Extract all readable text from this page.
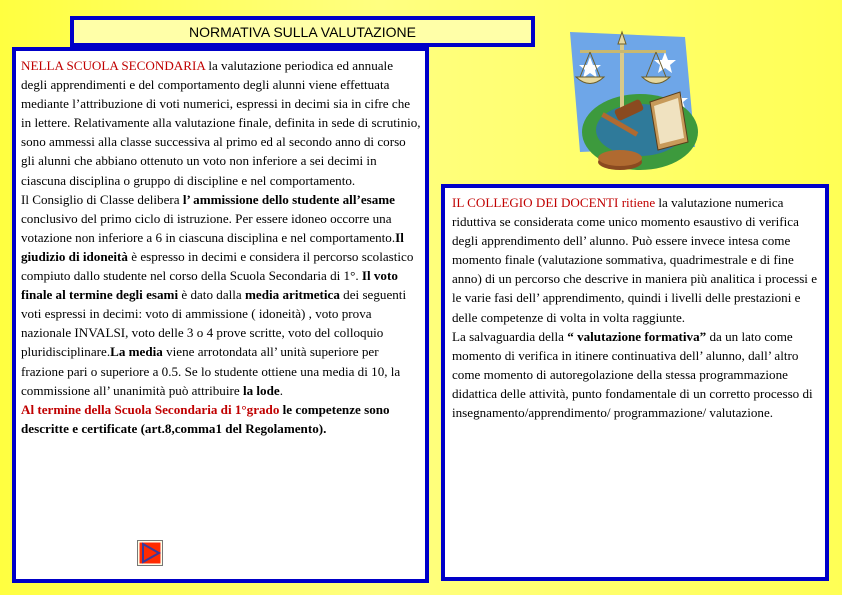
NORMATIVA SULLA VALUTAZIONE
NELLA SCUOLA SECONDARIA la valutazione periodica ed annuale degli apprendimenti e del comportamento degli alunni viene effettuata mediante l’attribuzione di voti numerici, espressi in decimi sia in cifre che in lettere. Relativamente alla valutazione finale, definita in sede di scrutinio, sono ammessi alla classe successiva al primo ed al secondo anno di corso gli alunni che abbiano ottenuto un voto non inferiore a sei decimi in ciascuna disciplina o gruppo di discipline e nel comportamento.
Il Consiglio di Classe delibera l’ ammissione dello studente all’esame conclusivo del primo ciclo di istruzione. Per essere idoneo occorre una votazione non inferiore a 6 in ciascuna disciplina e nel comportamento.Il giudizio di idoneità è espresso in decimi e considera il percorso scolastico compiuto dallo studente nel corso della Scuola Secondaria di 1°. Il voto finale al termine degli esami è dato dalla media aritmetica dei seguenti voti espressi in decimi: voto di ammissione ( idoneità) , voto prova nazionale INVALSI, voto delle 3 o 4 prove scritte, voto del colloquio pluridisciplinare.La media viene arrotondata all’ unità superiore per frazione pari o superiore a 0.5. Se lo studente ottiene una media di 10, la commissione all’ unanimità può attribuire la lode.
Al termine della Scuola Secondaria di 1°grado le competenze sono descritte e certificate (art.8,comma1 del Regolamento).
IL COLLEGIO DEI DOCENTI ritiene la valutazione numerica riduttiva se considerata come unico momento esaustivo di verifica degli apprendimento dell’ alunno. Può essere invece intesa come momento finale (valutazione sommativa, quadrimestrale e di fine anno) di un percorso che descrive in maniera più analitica i processi e le varie fasi dell’ apprendimento, quindi i livelli delle prestazioni e delle competenze di volta in volta raggiunte.
La salvaguardia della “ valutazione formativa” da un lato come momento di verifica in itinere continuativa dell’ alunno, dall’ altro come momento di autoregolazione della stessa programmazione didattica delle attività, punto fondamentale di un corretto processo di insegnamento/apprendimento/ programmazione/ valutazione.
